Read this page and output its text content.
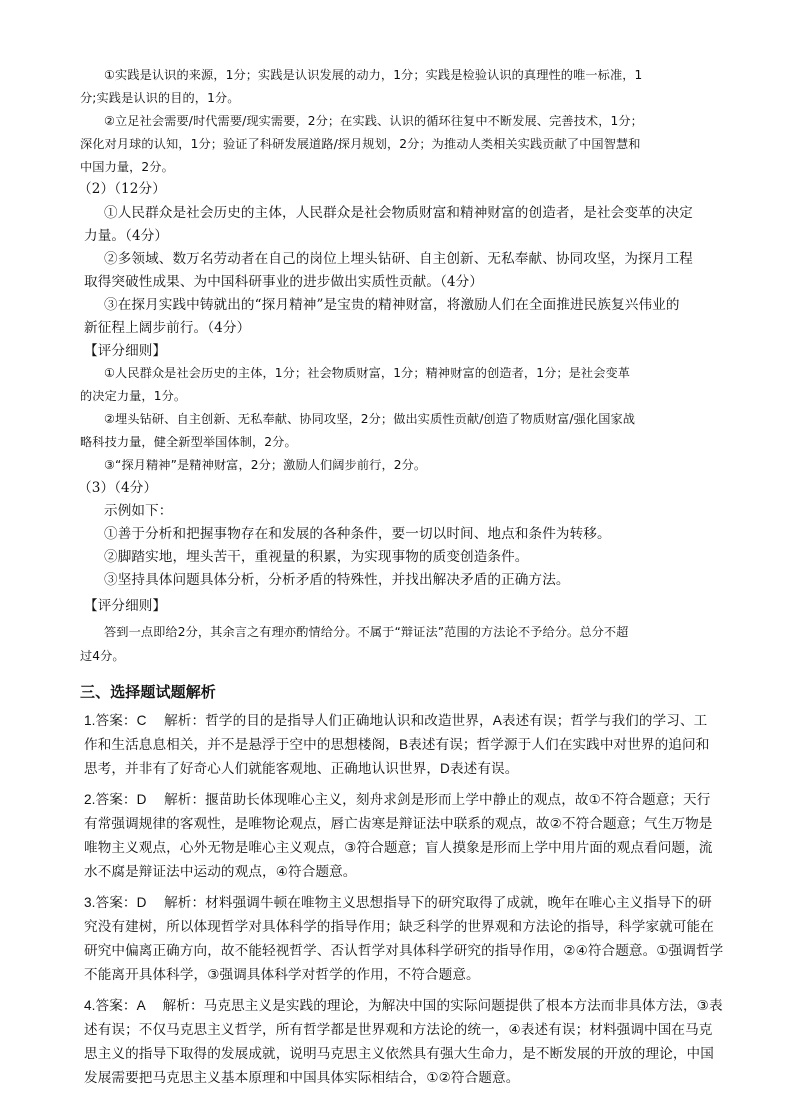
①实践是认识的来源，1分；实践是认识发展的动力，1分；实践是检验认识的真理性的唯一标准，1
分;实践是认识的目的，1分。
②立足社会需要/时代需要/现实需要，2分；在实践、认识的循环往复中不断发展、完善技术，1分；
深化对月球的认知，1分；验证了科研发展道路/探月规划，2分；为推动人类相关实践贡献了中国智慧和
中国力量，2分。
（2）（12分）
①人民群众是社会历史的主体，人民群众是社会物质财富和精神财富的创造者，是社会变革的决定
力量。（4分）
②多领域、数万名劳动者在自己的岗位上埋头钻研、自主创新、无私奉献、协同攻坚，为探月工程
取得突破性成果、为中国科研事业的进步做出实质性贡献。（4分）
③在探月实践中铸就出的“探月精神”是宝贵的精神财富，将激励人们在全面推进民族复兴伟业的
新征程上阔步前行。（4分）
【评分细则】
①人民群众是社会历史的主体，1分；社会物质财富，1分；精神财富的创造者，1分；是社会变革
的决定力量，1分。
②埋头钻研、自主创新、无私奉献、协同攻坚，2分；做出实质性贡献/创造了物质财富/强化国家战
略科技力量，健全新型举国体制，2分。
③“探月精神”是精神财富，2分；激励人们阔步前行，2分。
（3）（4分）
示例如下：
①善于分析和把握事物存在和发展的各种条件，要一切以时间、地点和条件为转移。
②脚踏实地，埋头苦干，重视量的积累，为实现事物的质变创造条件。
③坚持具体问题具体分析，分析矛盾的特殊性，并找出解决矛盾的正确方法。
【评分细则】
答到一点即给2分，其余言之有理亦酌情给分。不属于“辩证法”范围的方法论不予给分。总分不超
过4分。
三、选择题试题解析
1.答案：C　 解析：哲学的目的是指导人们正确地认识和改造世界，A表述有误；哲学与我们的学习、工
作和生活息息相关，并不是悬浮于空中的思想楼阁，B表述有误；哲学源于人们在实践中对世界的追问和
思考，并非有了好奇心人们就能客观地、正确地认识世界，D表述有误。
2.答案：D　 解析：揠苗助长体现唯心主义，刻舟求剑是形而上学中静止的观点，故①不符合题意；天行
有常强调规律的客观性，是唯物论观点，唇亡齿寒是辩证法中联系的观点，故②不符合题意；气生万物是
唯物主义观点，心外无物是唯心主义观点，③符合题意；盲人摸象是形而上学中用片面的观点看问题，流
水不腐是辩证法中运动的观点，④符合题意。
3.答案：D　 解析：材料强调牛顿在唯物主义思想指导下的研究取得了成就，晚年在唯心主义指导下的研
究没有建树，所以体现哲学对具体科学的指导作用；缺乏科学的世界观和方法论的指导，科学家就可能在
研究中偏离正确方向，故不能轻视哲学、否认哲学对具体科学研究的指导作用，②④符合题意。①强调哲学
不能离开具体科学，③强调具体科学对哲学的作用，不符合题意。
4.答案：A　 解析：马克思主义是实践的理论，为解决中国的实际问题提供了根本方法而非具体方法，③表
述有误；不仅马克思主义哲学，所有哲学都是世界观和方法论的统一，④表述有误；材料强调中国在马克
思主义的指导下取得的发展成就，说明马克思主义依然具有强大生命力，是不断发展的开放的理论，中国
发展需要把马克思主义基本原理和中国具体实际相结合，①②符合题意。
